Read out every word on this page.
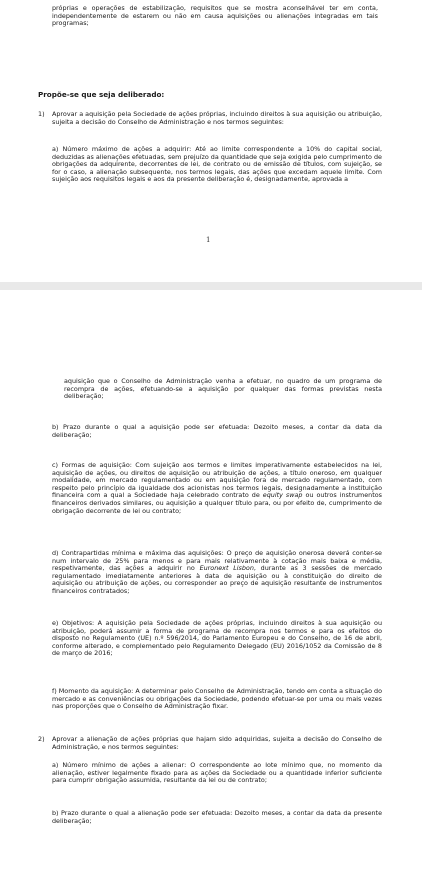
próprias e operações de estabilização, requisitos que se mostra aconselhável ter em conta, independentemente de estarem ou não em causa aquisições ou alienações integradas em tais programas;

Propõe-se que seja deliberado:

1) Aprovar a aquisição pela Sociedade de ações próprias, incluindo direitos à sua aquisição ou atribuição, sujeita a decisão do Conselho de Administração e nos termos seguintes:

a) Número máximo de ações a adquirir: Até ao limite correspondente a 10% do capital social, deduzidas as alienações efetuadas, sem prejuízo da quantidade que seja exigida pelo cumprimento de obrigações da adquirente, decorrentes de lei, de contrato ou de emissão de títulos, com sujeição, se for o caso, a alienação subsequente, nos termos legais, das ações que excedam aquele limite. Com sujeição aos requisitos legais e aos da presente deliberação é, designadamente, aprovada a

1

aquisição que o Conselho de Administração venha a efetuar, no quadro de um programa de recompra de ações, efetuando-se a aquisição por qualquer das formas previstas nesta deliberação;

b) Prazo durante o qual a aquisição pode ser efetuada: Dezoito meses, a contar da data da deliberação;

c) Formas de aquisição: Com sujeição aos termos e limites imperativamente estabelecidos na lei, aquisição de ações, ou direitos de aquisição ou atribuição de ações, a título oneroso, em qualquer modalidade, em mercado regulamentado ou em aquisição fora de mercado regulamentado, com respeito pelo princípio da igualdade dos acionistas nos termos legais, designadamente a instituição financeira com a qual a Sociedade haja celebrado contrato de equity swap ou outros instrumentos financeiros derivados similares, ou aquisição a qualquer título para, ou por efeito de, cumprimento de obrigação decorrente de lei ou contrato;

d) Contrapartidas mínima e máxima das aquisições: O preço de aquisição onerosa deverá conter-se num intervalo de 25% para menos e para mais relativamente à cotação mais baixa e média, respetivamente, das ações a adquirir no Euronext Lisbon, durante as 3 sessões de mercado regulamentado imediatamente anteriores à data de aquisição ou à constituição do direito de aquisição ou atribuição de ações, ou corresponder ao preço de aquisição resultante de instrumentos financeiros contratados;

e) Objetivos: A aquisição pela Sociedade de ações próprias, incluindo direitos à sua aquisição ou atribuição, poderá assumir a forma de programa de recompra nos termos e para os efeitos do disposto no Regulamento (UE) n.º 596/2014, do Parlamento Europeu e do Conselho, de 16 de abril, conforme alterado, e complementado pelo Regulamento Delegado (EU) 2016/1052 da Comissão de 8 de março de 2016;

f) Momento da aquisição: A determinar pelo Conselho de Administração, tendo em conta a situação do mercado e as conveniências ou obrigações da Sociedade, podendo efetuar-se por uma ou mais vezes nas proporções que o Conselho de Administração fixar.

2) Aprovar a alienação de ações próprias que hajam sido adquiridas, sujeita a decisão do Conselho de Administração, e nos termos seguintes:

a) Número mínimo de ações a alienar: O correspondente ao lote mínimo que, no momento da alienação, estiver legalmente fixado para as ações da Sociedade ou a quantidade inferior suficiente para cumprir obrigação assumida, resultante da lei ou de contrato;

b) Prazo durante o qual a alienação pode ser efetuada: Dezoito meses, a contar da data da presente deliberação;
